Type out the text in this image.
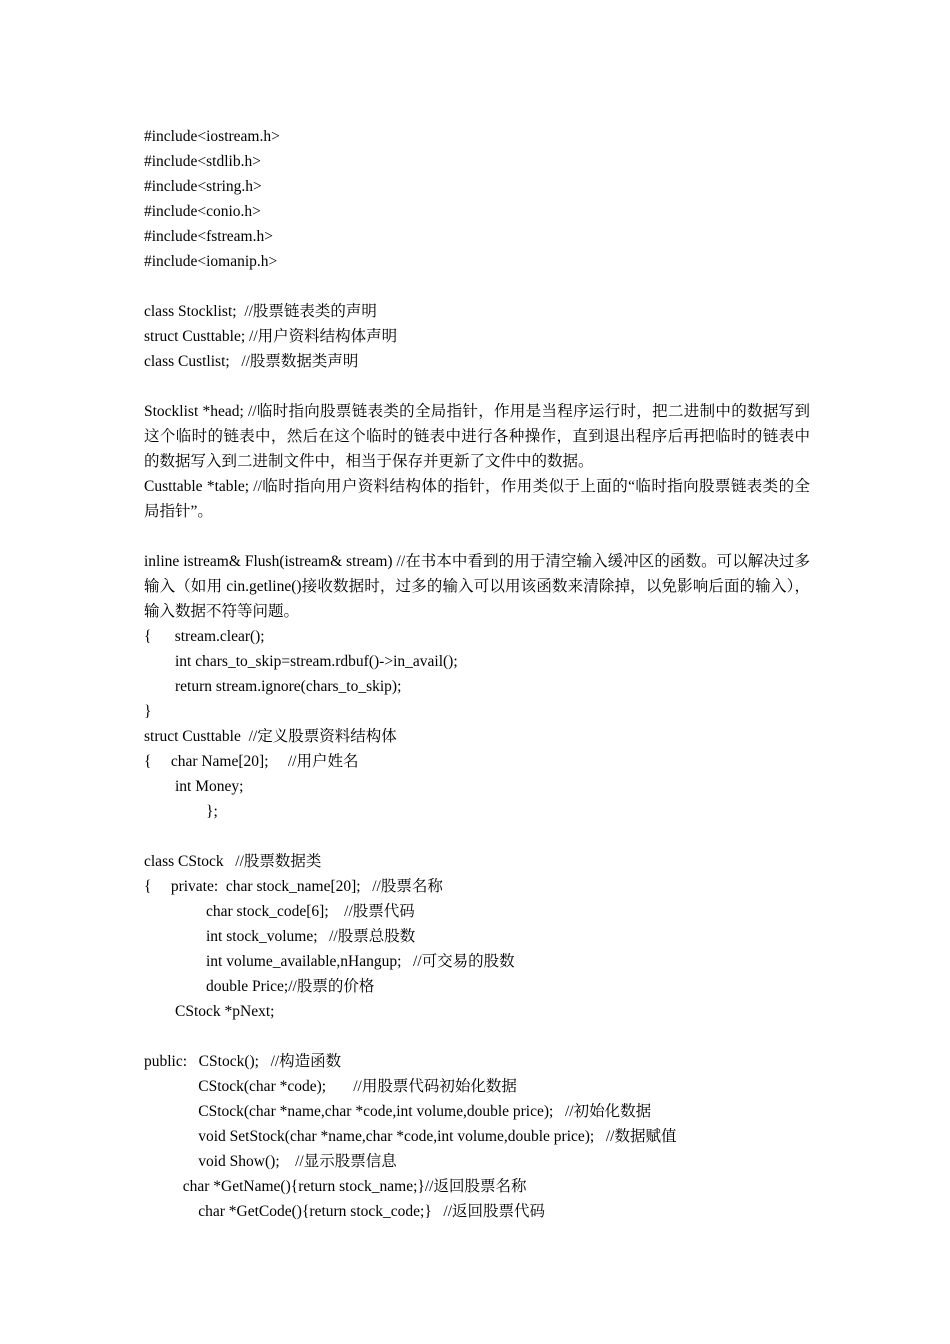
#include<iostream.h>
#include<stdlib.h>
#include<string.h>
#include<conio.h>
#include<fstream.h>
#include<iomanip.h>
class Stocklist;  //股票链表类的声明
struct Custtable; //用户资料结构体声明
class Custlist;   //股票数据类声明
Stocklist *head; //临时指向股票链表类的全局指针，作用是当程序运行时，把二进制中的数据写到这个临时的链表中，然后在这个临时的链表中进行各种操作，直到退出程序后再把临时的链表中的数据写入到二进制文件中，相当于保存并更新了文件中的数据。
Custtable *table; //临时指向用户资料结构体的指针，作用类似于上面的“临时指向股票链表类的全局指针”。
inline istream& Flush(istream& stream) //在书本中看到的用于清空输入缓冲区的函数。可以解决过多输入（如用 cin.getline()接收数据时，过多的输入可以用该函数来清除掉，以免影响后面的输入），输入数据不符等问题。
{      stream.clear();
int chars_to_skip=stream.rdbuf()->in_avail();
return stream.ignore(chars_to_skip);
}
struct Custtable  //定义股票资料结构体
{     char Name[20];     //用户姓名
int Money;
};
class CStock   //股票数据类
{     private:  char stock_name[20];   //股票名称
char stock_code[6];    //股票代码
int stock_volume;   //股票总股数
int volume_available,nHangup;   //可交易的股数
double Price;//股票的价格
CStock *pNext;
public:   CStock();   //构造函数
CStock(char *code);       //用股票代码初始化数据
CStock(char *name,char *code,int volume,double price);   //初始化数据
void SetStock(char *name,char *code,int volume,double price);   //数据赋值
void Show();    //显示股票信息
char *GetName(){return stock_name;}//返回股票名称
char *GetCode(){return stock_code;}   //返回股票代码
